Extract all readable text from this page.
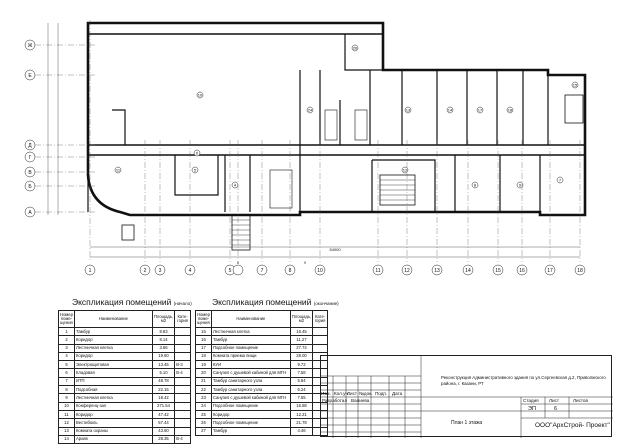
11
10
26
13	14	17	18
5
6
4
12
8	9
24
15
7
54000
1	2 3	4	5	7	8	10	11	12	13	14	15	16	17	18
6	9
Ж
Е
Д
Г
В
Б
А
Экспликация помещений (начало)
Номер поме-щения	Наименование	Площадь, м2	Кате-гория
1	Тамбур	8.83	
2	Коридор	8.14	
3	Лестничная клетка	3.66	
4	Коридор	19.60	
5	Электрощитовая	13.45	В-3
6	Кладовая	5.10	В-4
7	ИТП	48.78	
8	Подсобная	22.15	
9	Лестничная клетка	18.42	
10	Конференц-зал	271.54	
11	Коридор	47.42	
12	Вестибюль	57.44	
13	Комната охраны	43.60	
14	Архив	28.35	В-4
Экспликация помещений (окончание)
Номер поме-щения	Наименование	Площадь, м2	Кате-гория
15	Лестничная клетка	16.45	
16	Тамбур	11.27	
17	Подсобное помещение	27.74	
18	Комната приема пищи	28.00	
19	КУИ	9.72	
20	Санузел с душевой кабиной для МГН	7.58	
21	Тамбур санитарного узла	5.84	
22	Тамбур санитарного узла	6.24	
23	Санузел с душевой кабиной для МГН	7.55	
24	Подсобное помещение	16.88	
25	Коридор	12.21	
26	Подсобное помещение	21.78	
27	Тамбур	4.46	
Реконструкция Административного здания по ул.Сергеевская д.2, Приволжского района, г. Казани, РТ
Изм. Кол.уч.
Лист №док. Подп. Дата
Разработал Валиева	Стадия Лист	Листов
ЭП	6
План 1 этажа	ООО"АрхСтрой- Проект"
